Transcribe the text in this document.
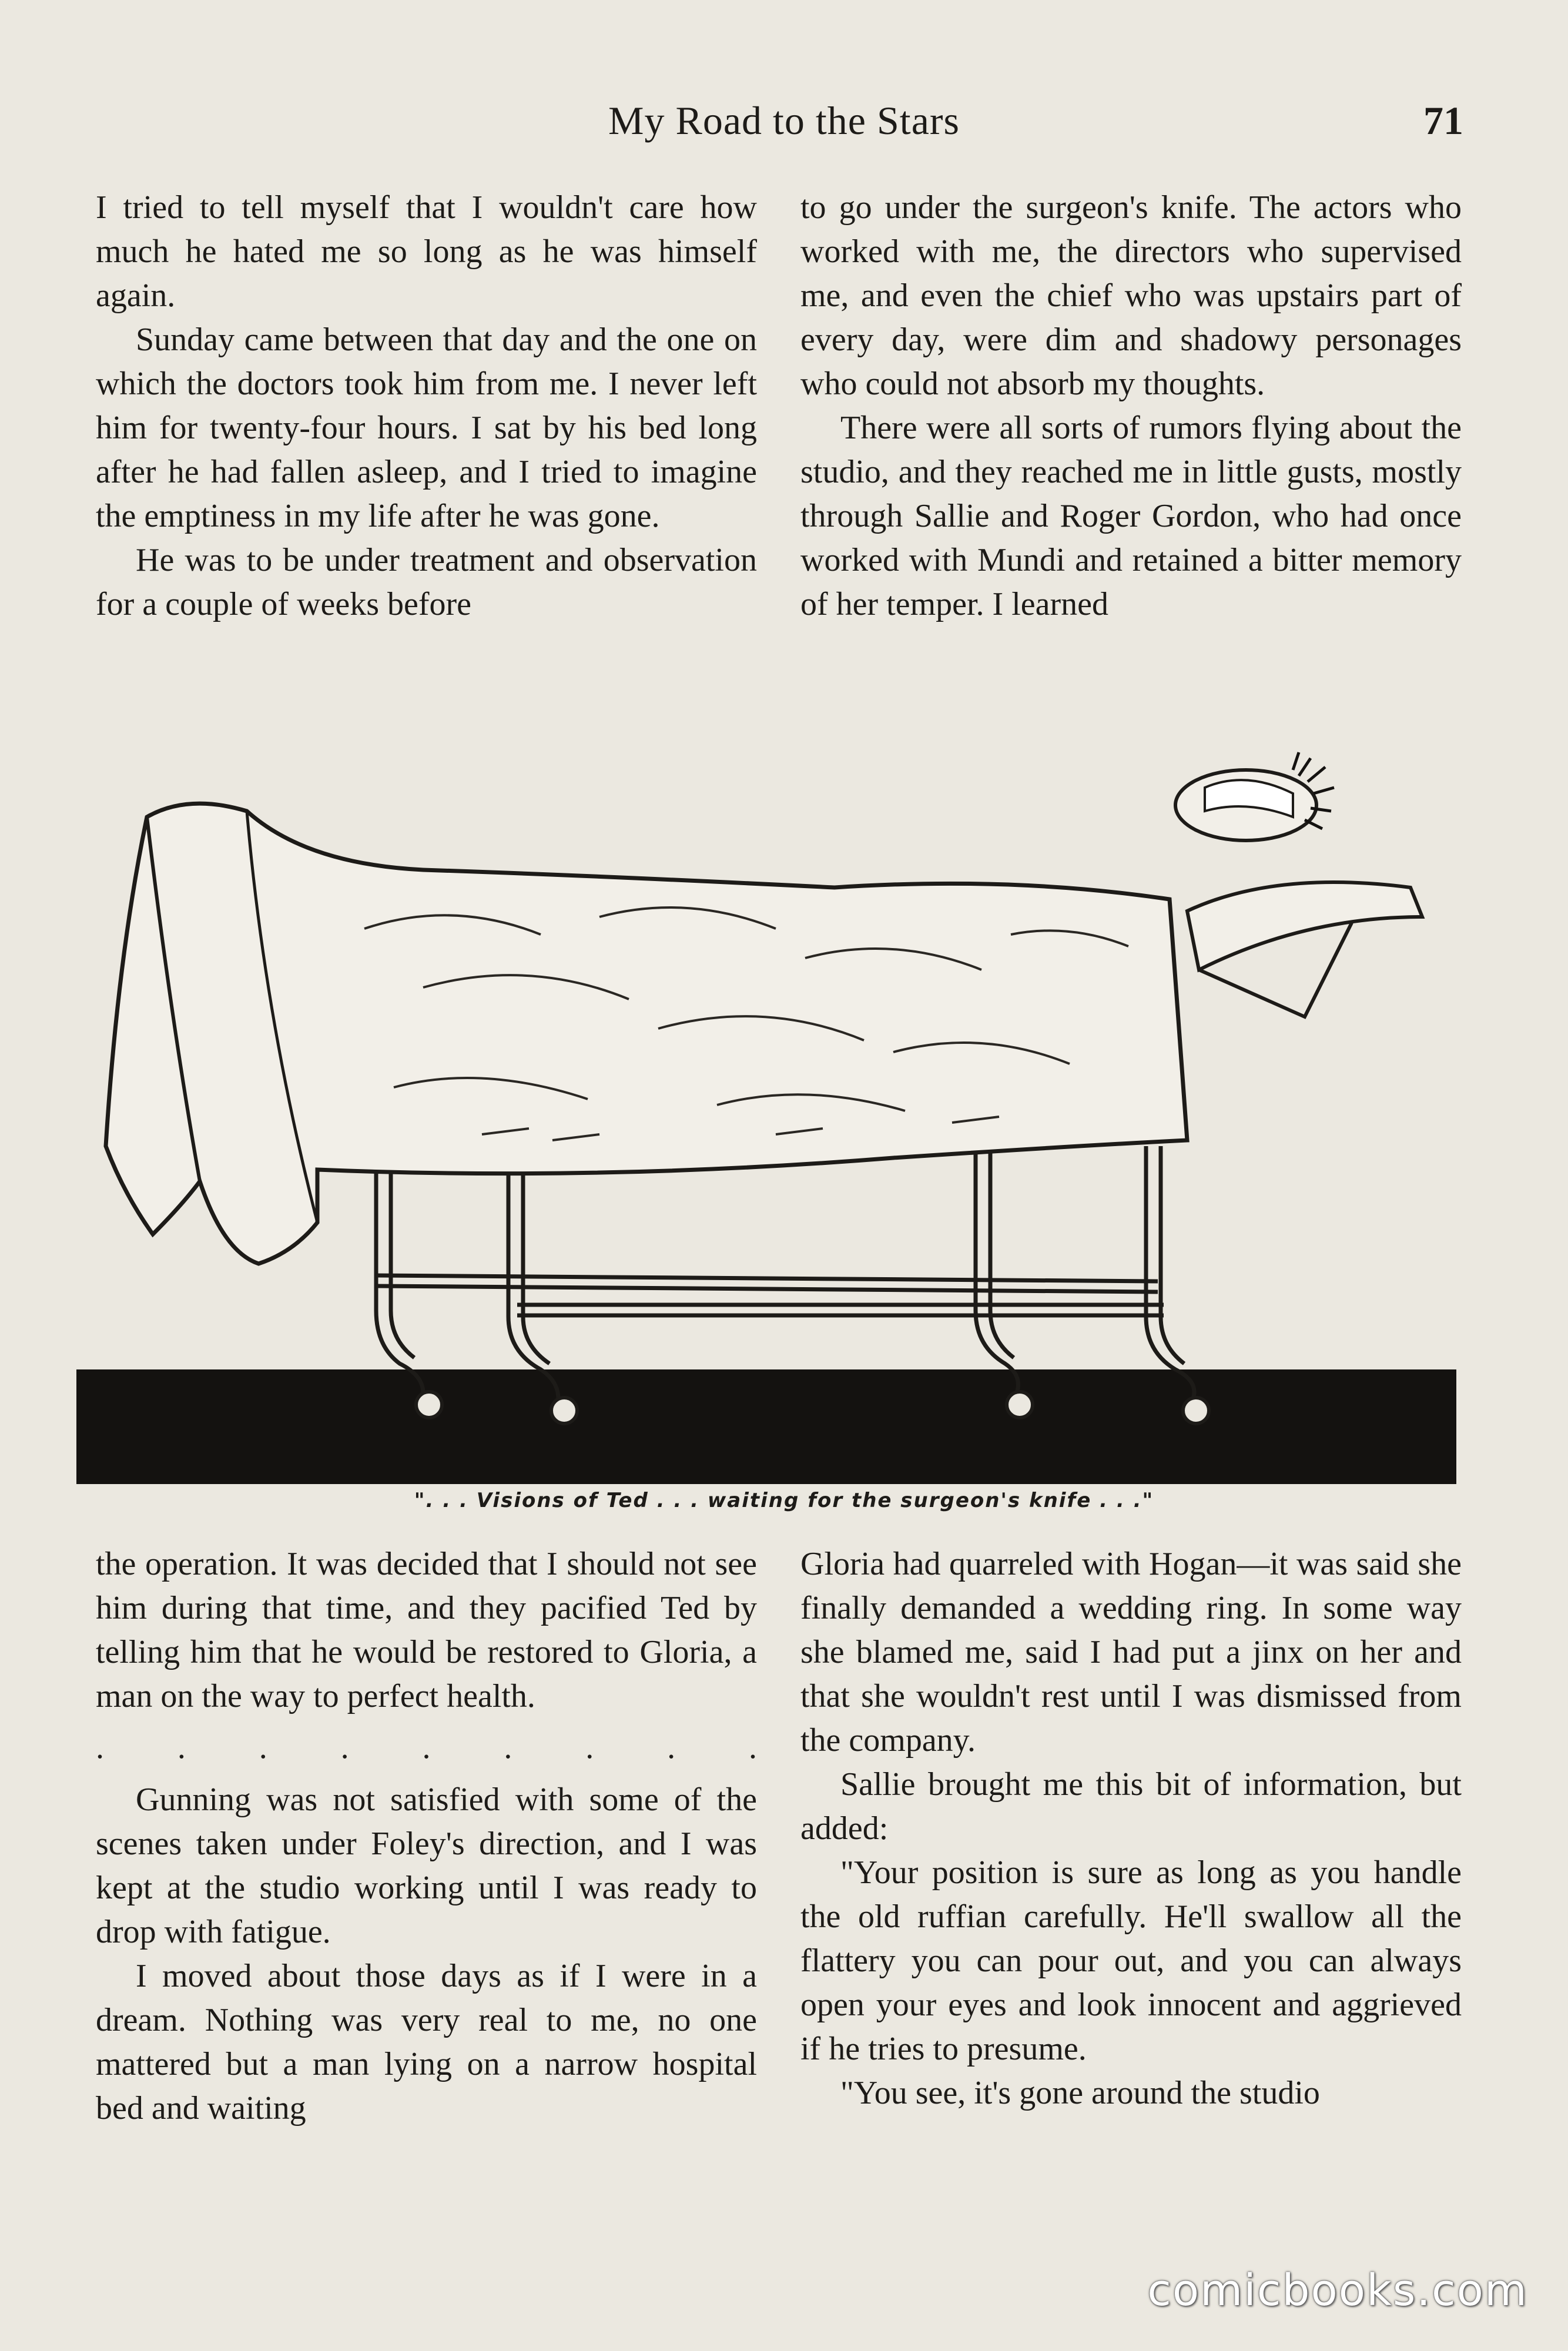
My Road to the Stars	71

I tried to tell myself that I wouldn't care how much he hated me so long as he was himself again.

Sunday came between that day and the one on which the doctors took him from me. I never left him for twenty-four hours. I sat by his bed long after he had fallen asleep, and I tried to imagine the emptiness in my life after he was gone.

He was to be under treatment and observation for a couple of weeks before

to go under the surgeon's knife. The actors who worked with me, the directors who supervised me, and even the chief who was upstairs part of every day, were dim and shadowy personages who could not absorb my thoughts.

There were all sorts of rumors flying about the studio, and they reached me in little gusts, mostly through Sallie and Roger Gordon, who had once worked with Mundi and retained a bitter memory of her temper. I learned

". . . Visions of Ted . . . waiting for the surgeon's knife . . ."

the operation. It was decided that I should not see him during that time, and they pacified Ted by telling him that he would be restored to Gloria, a man on the way to perfect health.

. . . . . . . . .

Gunning was not satisfied with some of the scenes taken under Foley's direction, and I was kept at the studio working until I was ready to drop with fatigue.

I moved about those days as if I were in a dream. Nothing was very real to me, no one mattered but a man lying on a narrow hospital bed and waiting

Gloria had quarreled with Hogan—it was said she finally demanded a wedding ring. In some way she blamed me, said I had put a jinx on her and that she wouldn't rest until I was dismissed from the company.

Sallie brought me this bit of information, but added:

"Your position is sure as long as you handle the old ruffian carefully. He'll swallow all the flattery you can pour out, and you can always open your eyes and look innocent and aggrieved if he tries to presume.

"You see, it's gone around the studio

comicbooks.com
